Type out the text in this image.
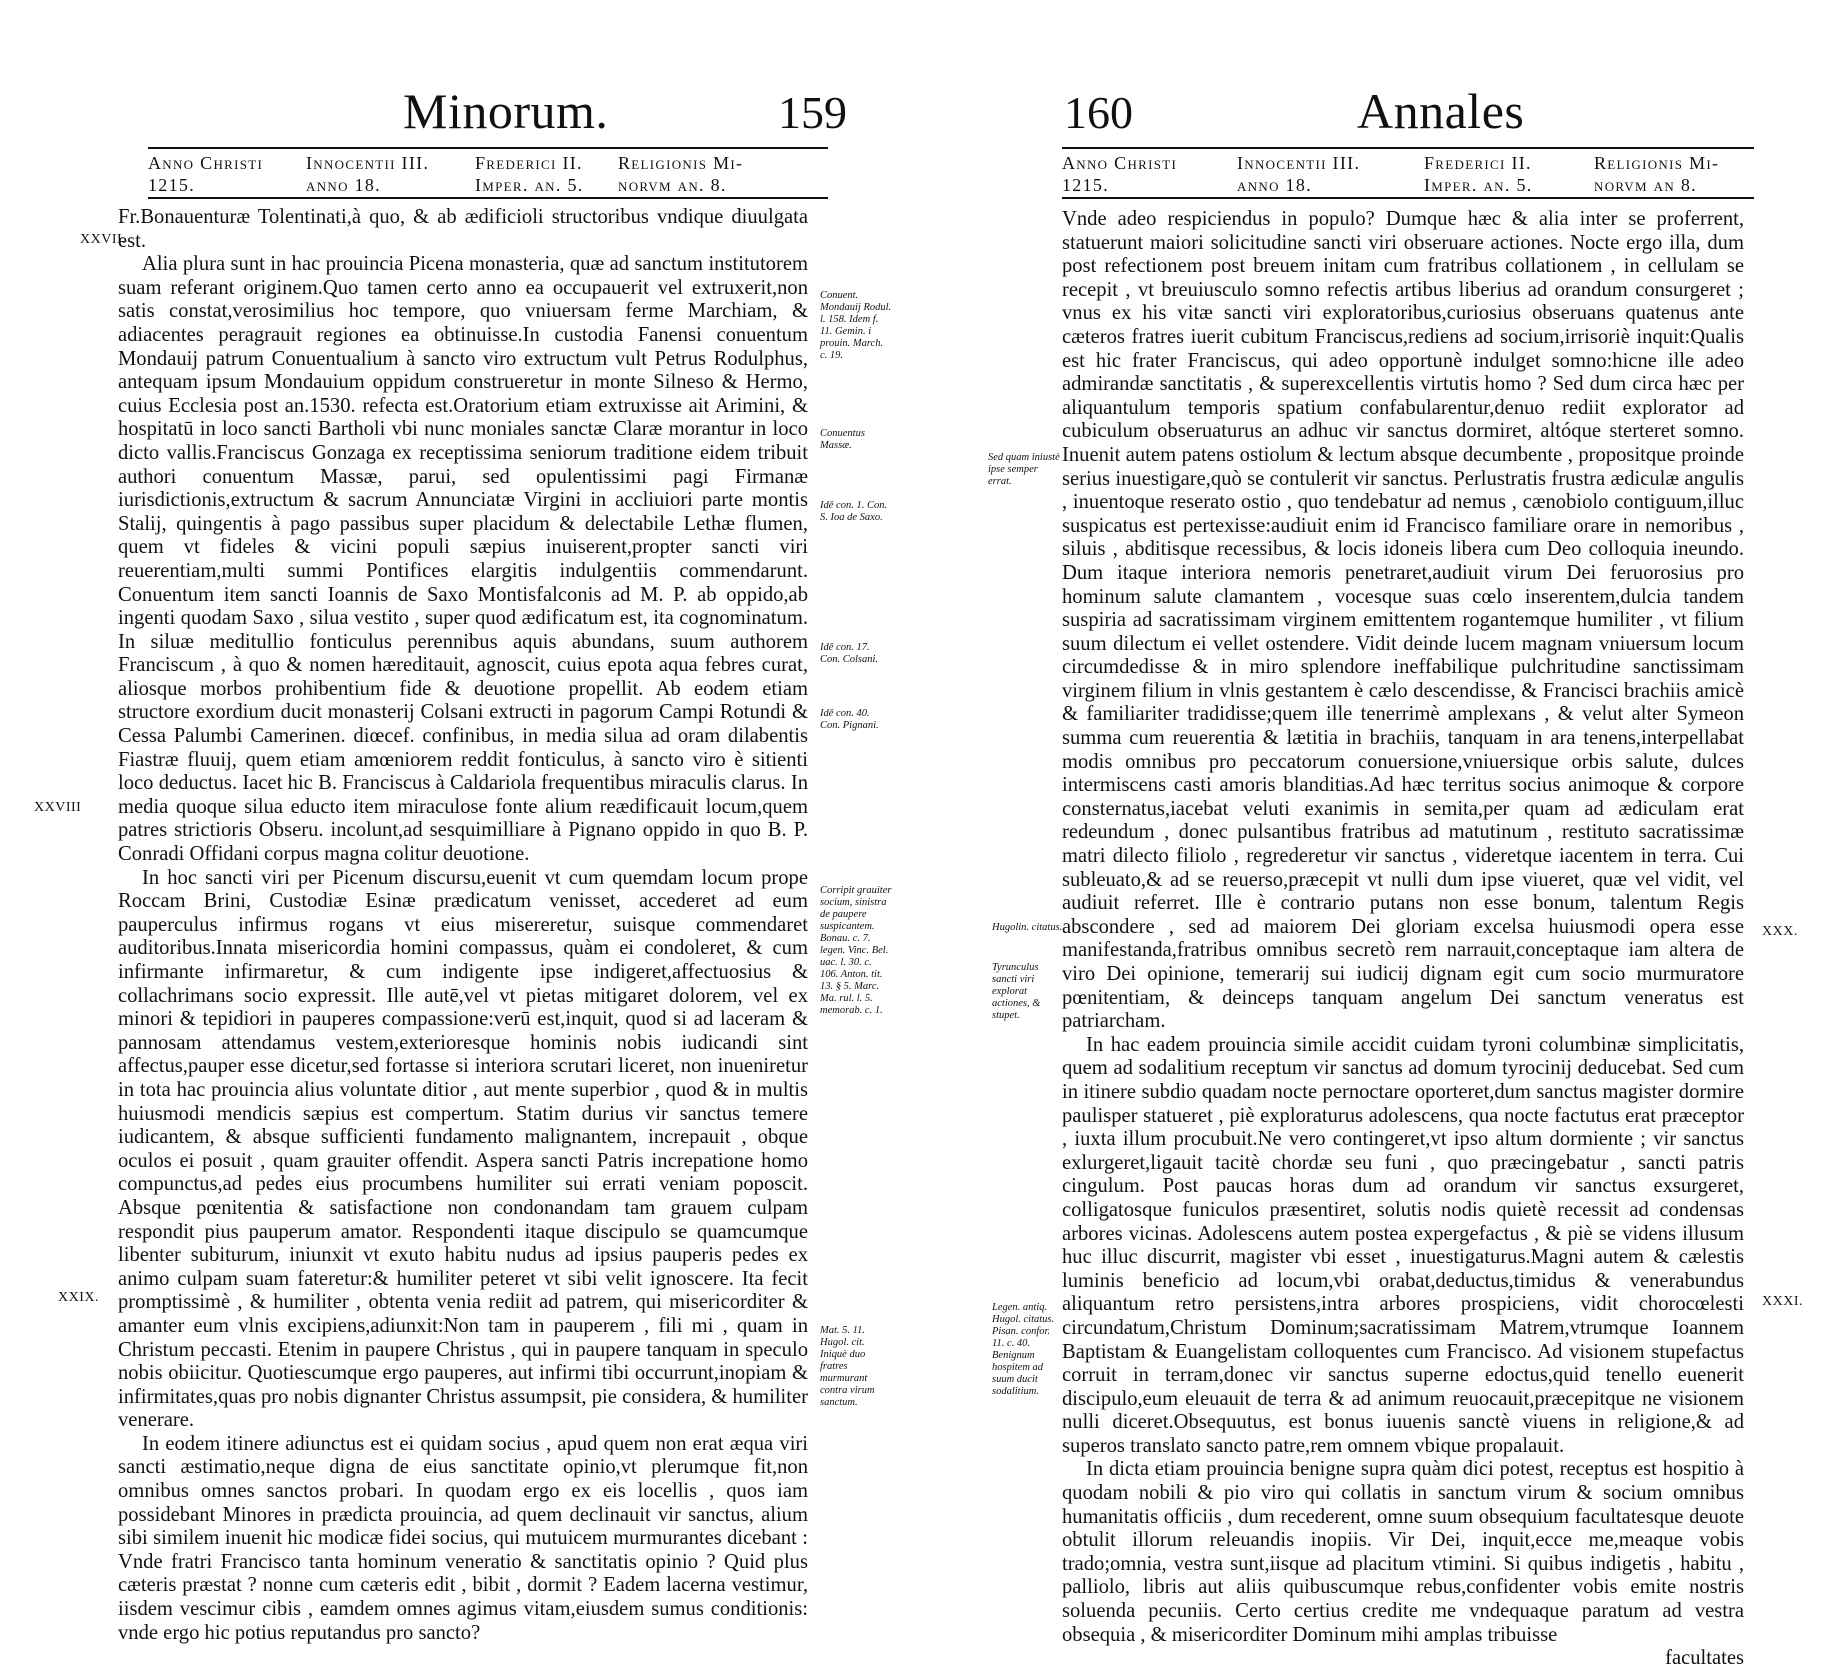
Minorum.	159
Anno Christi
1215.
Innocentii III.
anno 18.
Frederici II.
Imper. an. 5.
Religionis Mi-
norvm an. 8.
XXVII.
XXVIII
XXIX.

Fr.Bonauenturæ Tolentinati,à quo, & ab ædificioli structoribus vndique diuulgata est.

Alia plura sunt in hac prouincia Picena monasteria, quæ ad sanctum institutorem suam referant originem.Quo tamen certo anno ea occupauerit vel extruxerit,non satis constat,verosimilius hoc tempore, quo vniuersam ferme Marchiam, & adiacentes peragrauit regiones ea obtinuisse.In custodia Fanensi conuentum Mondauij patrum Conuentualium à sancto viro extructum vult Petrus Rodulphus, antequam ipsum Mondauium oppidum construeretur in monte Silneso & Hermo, cuius Ecclesia post an.1530. refecta est.Oratorium etiam extruxisse ait Arimini, & hospitatū in loco sancti Bartholi vbi nunc moniales sanctæ Claræ morantur in loco dicto vallis.Franciscus Gonzaga ex receptissima seniorum traditione eidem tribuit authori conuentum Massæ, parui, sed opulentissimi pagi Firmanæ iurisdictionis,extructum & sacrum Annunciatæ Virgini in accliuiori parte montis Stalij, quingentis à pago passibus super placidum & delectabile Lethæ flumen, quem vt fideles & vicini populi sæpius inuiserent,propter sancti viri reuerentiam,multi summi Pontifices elargitis indulgentiis commendarunt. Conuentum item sancti Ioannis de Saxo Montisfalconis ad M. P. ab oppido,ab ingenti quodam Saxo , silua vestito , super quod ædificatum est, ita cognominatum. In siluæ meditullio fonticulus perennibus aquis abundans, suum authorem Franciscum , à quo & nomen hæreditauit, agnoscit, cuius epota aqua febres curat, aliosque morbos prohibentium fide & deuotione propellit. Ab eodem etiam structore exordium ducit monasterij Colsani extructi in pagorum Campi Rotundi & Cessa Palumbi Camerinen. diœcef. confinibus, in media silua ad oram dilabentis Fiastræ fluuij, quem etiam amœniorem reddit fonticulus, à sancto viro è sitienti loco deductus. Iacet hic B. Franciscus à Caldariola frequentibus miraculis clarus. In media quoque silua educto item miraculose fonte alium reædificauit locum,quem patres strictioris Obseru. incolunt,ad sesquimilliare à Pignano oppido in quo B. P. Conradi Offidani corpus magna colitur deuotione.

In hoc sancti viri per Picenum discursu,euenit vt cum quemdam locum prope Roccam Brini, Custodiæ Esinæ prædicatum venisset, accederet ad eum pauperculus infirmus rogans vt eius misereretur, suisque commendaret auditoribus.Innata misericordia homini compassus, quàm ei condoleret, & cum infirmante infirmaretur, & cum indigente ipse indigeret,affectuosius & collachrimans socio expressit. Ille autē,vel vt pietas mitigaret dolorem, vel ex minori & tepidiori in pauperes compassione:verū est,inquit, quod si ad laceram & pannosam attendamus vestem,exterioresque hominis nobis iudicandi sint affectus,pauper esse dicetur,sed fortasse si interiora scrutari liceret, non inueniretur in tota hac prouincia alius voluntate ditior , aut mente superbior , quod & in multis huiusmodi mendicis sæpius est compertum. Statim durius vir sanctus temere iudicantem, & absque sufficienti fundamento malignantem, increpauit , obque oculos ei posuit , quam grauiter offendit. Aspera sancti Patris increpatione homo compunctus,ad pedes eius procumbens humiliter sui errati veniam poposcit. Absque pœnitentia & satisfactione non condonandam tam grauem culpam respondit pius pauperum amator. Respondenti itaque discipulo se quamcumque libenter subiturum, iniunxit vt exuto habitu nudus ad ipsius pauperis pedes ex animo culpam suam fateretur:& humiliter peteret vt sibi velit ignoscere. Ita fecit promptissimè , & humiliter , obtenta venia rediit ad patrem, qui misericorditer & amanter eum vlnis excipiens,adiunxit:Non tam in pauperem , fili mi , quam in Christum peccasti. Etenim in paupere Christus , qui in paupere tanquam in speculo nobis obiicitur. Quotiescumque ergo pauperes, aut infirmi tibi occurrunt,inopiam & infirmitates,quas pro nobis dignanter Christus assumpsit, pie considera, & humiliter venerare.

In eodem itinere adiunctus est ei quidam socius , apud quem non erat æqua viri sancti æstimatio,neque digna de eius sanctitate opinio,vt plerumque fit,non omnibus omnes sanctos probari. In quodam ergo ex eis locellis , quos iam possidebant Minores in prædicta prouincia, ad quem declinauit vir sanctus, alium sibi similem inuenit hic modicæ fidei socius, qui mutuicem murmurantes dicebant : Vnde fratri Francisco tanta hominum veneratio & sanctitatis opinio ? Quid plus cæteris præstat ? nonne cum cæteris edit , bibit , dormit ? Eadem lacerna vestimur, iisdem vescimur cibis , eamdem omnes agimus vitam,eiusdem sumus conditionis: vnde ergo hic potius reputandus pro sancto?

Conuent. Mondauij Rodul. l. 158. Idem f. 11. Gemin. i prouin. March. c. 19.
Conuentus Massæ.
Idē con. 1. Con. S. Ioa de Saxo.
Idē con. 17. Con. Colsani.
Idē con. 40. Con. Pignani.
Corripit grauiter socium, sinistra de paupere suspicantem. Bonau. c. 7. legen. Vinc. Bel. uac. l. 30. c. 106. Anton. tit. 13. § 5. Marc. Ma. rul. l. 5. memorab. c. 1.
Mat. 5. 11. Hugol. cit. Iniquè duo fratres murmurant contra virum sanctum.
160	Annales
Anno Christi
1215.
Innocentii III.
anno 18.
Frederici II.
Imper. an. 5.
Religionis Mi-
norvm an 8.

Vnde adeo respiciendus in populo? Dumque hæc & alia inter se proferrent, statuerunt maiori solicitudine sancti viri obseruare actiones. Nocte ergo illa, dum post refectionem post breuem initam cum fratribus collationem , in cellulam se recepit , vt breuiusculo somno refectis artibus liberius ad orandum consurgeret ; vnus ex his vitæ sancti viri exploratoribus,curiosius obseruans quatenus ante cæteros fratres iuerit cubitum Franciscus,rediens ad socium,irrisoriè inquit:Qualis est hic frater Franciscus, qui adeo opportunè indulget somno:hicne ille adeo admirandæ sanctitatis , & superexcellentis virtutis homo ? Sed dum circa hæc per aliquantulum temporis spatium confabularentur,denuo rediit explorator ad cubiculum obseruaturus an adhuc vir sanctus dormiret, altóque sterteret somno. Inuenit autem patens ostiolum & lectum absque decumbente , propositque proinde serius inuestigare,quò se contulerit vir sanctus. Perlustratis frustra ædiculæ angulis , inuentoque reserato ostio , quo tendebatur ad nemus , cænobiolo contiguum,illuc suspicatus est pertexisse:audiuit enim id Francisco familiare orare in nemoribus , siluis , abditisque recessibus, & locis idoneis libera cum Deo colloquia ineundo. Dum itaque interiora nemoris penetraret,audiuit virum Dei feruorosius pro hominum salute clamantem , vocesque suas cœlo inserentem,dulcia tandem suspiria ad sacratissimam virginem emittentem rogantemque humiliter , vt filium suum dilectum ei vellet ostendere. Vidit deinde lucem magnam vniuersum locum circumdedisse & in miro splendore ineffabilique pulchritudine sanctissimam virginem filium in vlnis gestantem è cælo descendisse, & Francisci brachiis amicè & familiariter tradidisse;quem ille tenerrimè amplexans , & velut alter Symeon summa cum reuerentia & lætitia in brachiis, tanquam in ara tenens,interpellabat modis omnibus pro peccatorum conuersione,vniuersique orbis salute, dulces intermiscens casti amoris blanditias.Ad hæc territus socius animoque & corpore consternatus,iacebat veluti exanimis in semita,per quam ad ædiculam erat redeundum , donec pulsantibus fratribus ad matutinum , restituto sacratissimæ matri dilecto filiolo , regrederetur vir sanctus , videretque iacentem in terra. Cui subleuato,& ad se reuerso,præcepit vt nulli dum ipse viueret, quæ vel vidit, vel audiuit referret. Ille è contrario putans non esse bonum, talentum Regis abscondere , sed ad maiorem Dei gloriam excelsa huiusmodi opera esse manifestanda,fratribus omnibus secretò rem narrauit,conceptaque iam altera de viro Dei opinione, temerarij sui iudicij dignam egit cum socio murmuratore pœnitentiam, & deinceps tanquam angelum Dei sanctum veneratus est patriarcham.

In hac eadem prouincia simile accidit cuidam tyroni columbinæ simplicitatis, quem ad sodalitium receptum vir sanctus ad domum tyrocinij deducebat. Sed cum in itinere subdio quadam nocte pernoctare oporteret,dum sanctus magister dormire paulisper statueret , piè exploraturus adolescens, qua nocte factutus erat præceptor , iuxta illum procubuit.Ne vero contingeret,vt ipso altum dormiente ; vir sanctus exlurgeret,ligauit tacitè chordæ seu funi , quo præcingebatur , sancti patris cingulum. Post paucas horas dum ad orandum vir sanctus exsurgeret, colligatosque funiculos præsentiret, solutis nodis quietè recessit ad condensas arbores vicinas. Adolescens autem postea expergefactus , & piè se videns illusum huc illuc discurrit, magister vbi esset , inuestigaturus.Magni autem & cælestis luminis beneficio ad locum,vbi orabat,deductus,timidus & venerabundus aliquantum retro persistens,intra arbores prospiciens, vidit chorocœlesti circundatum,Christum Dominum;sacratissimam Matrem,vtrumque Ioannem Baptistam & Euangelistam colloquentes cum Francisco. Ad visionem stupefactus corruit in terram,donec vir sanctus superne edoctus,quid tenello euenerit discipulo,eum eleuauit de terra & ad animum reuocauit,præcepitque ne visionem nulli diceret.Obsequutus, est bonus iuuenis sanctè viuens in religione,& ad superos translato sancto patre,rem omnem vbique propalauit.

In dicta etiam prouincia benigne supra quàm dici potest, receptus est hospitio à quodam nobili & pio viro qui collatis in sanctum virum & socium omnibus humanitatis officiis , dum recederent, omne suum obsequium facultatesque deuote obtulit illorum releuandis inopiis. Vir Dei, inquit,ecce me,meaque vobis trado;omnia, vestra sunt,iisque ad placitum vtimini. Si quibus indigetis , habitu , palliolo, libris aut aliis quibuscumque rebus,confidenter vobis emite nostris soluenda pecuniis. Certo certius credite me vndequaque paratum ad vestra obsequia , & misericorditer Dominum mihi amplas tribuisse

facultates

XXX.
XXXI.
Sed quam iniustè ipse semper errat.
Hugolin. citatus.
Tyrunculus sancti viri explorat actiones, & stupet.
Legen. antiq. Hugol. citatus. Pisan. confor. 11. c. 40. Benignum hospitem ad suum ducit sodalitium.
